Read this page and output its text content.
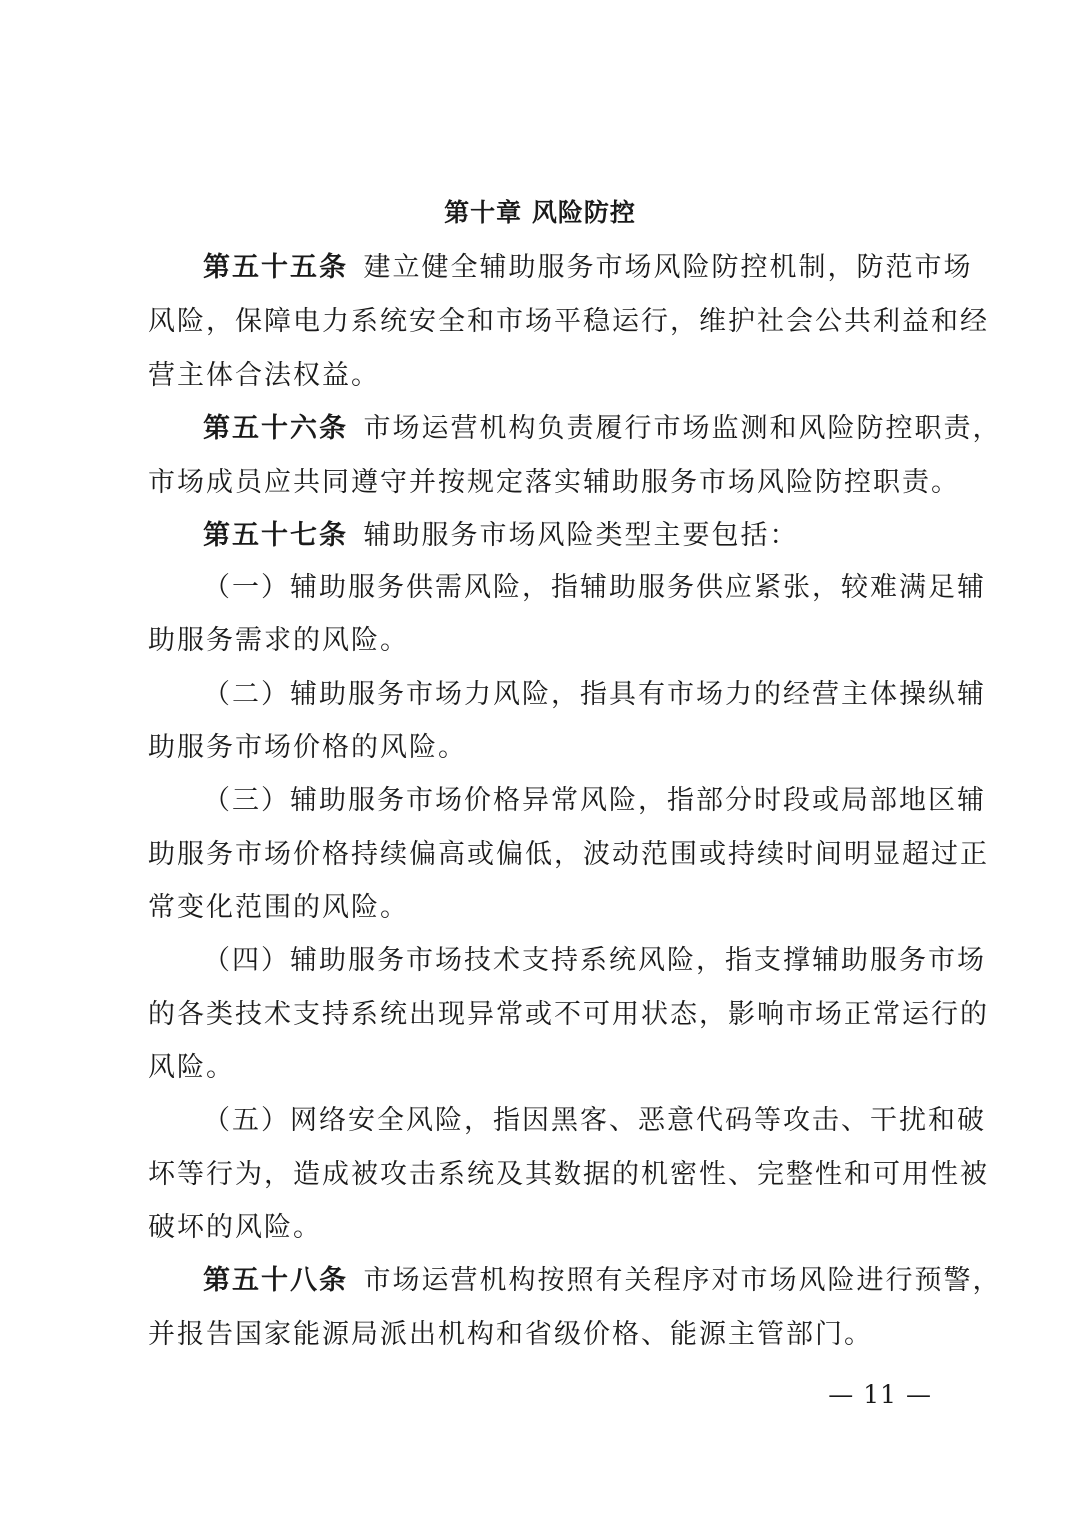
第十章 风险防控

第五十五条  建立健全辅助服务市场风险防控机制，防范市场

风险，保障电力系统安全和市场平稳运行，维护社会公共利益和经

营主体合法权益。

第五十六条  市场运营机构负责履行市场监测和风险防控职责，

市场成员应共同遵守并按规定落实辅助服务市场风险防控职责。

第五十七条  辅助服务市场风险类型主要包括：

（一）辅助服务供需风险，指辅助服务供应紧张，较难满足辅

助服务需求的风险。

（二）辅助服务市场力风险，指具有市场力的经营主体操纵辅

助服务市场价格的风险。

（三）辅助服务市场价格异常风险，指部分时段或局部地区辅

助服务市场价格持续偏高或偏低，波动范围或持续时间明显超过正

常变化范围的风险。

（四）辅助服务市场技术支持系统风险，指支撑辅助服务市场

的各类技术支持系统出现异常或不可用状态，影响市场正常运行的

风险。

（五）网络安全风险，指因黑客、恶意代码等攻击、干扰和破

坏等行为，造成被攻击系统及其数据的机密性、完整性和可用性被

破坏的风险。

第五十八条  市场运营机构按照有关程序对市场风险进行预警，

并报告国家能源局派出机构和省级价格、能源主管部门。

— 11 —
